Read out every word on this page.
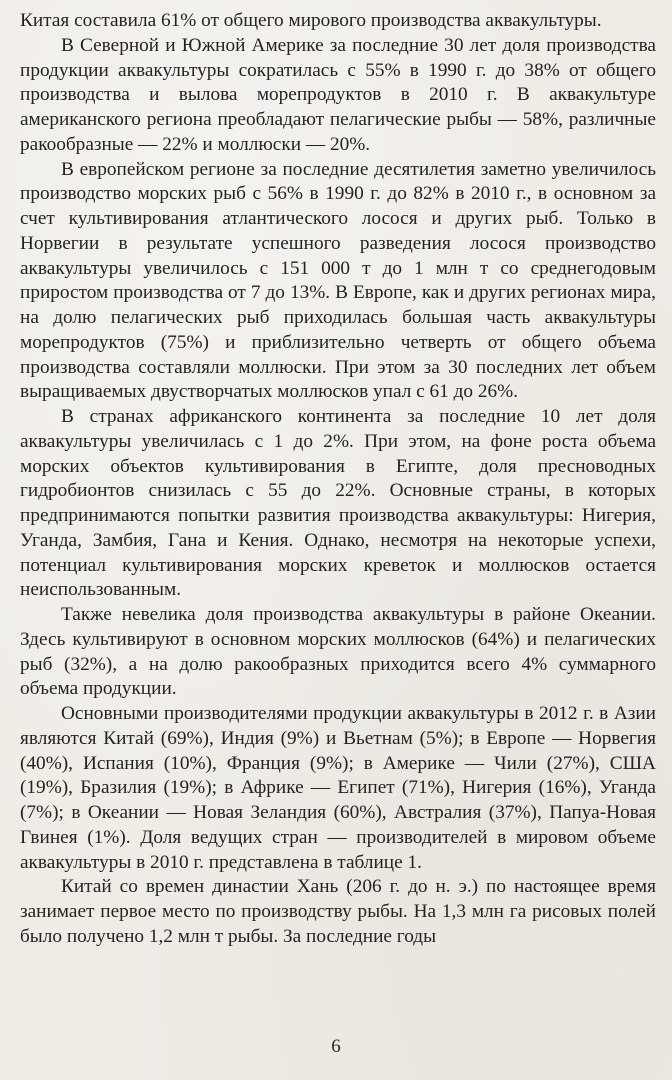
Китая составила 61% от общего мирового производства аквакультуры.

В Северной и Южной Америке за последние 30 лет доля производства продукции аквакультуры сократилась с 55% в 1990 г. до 38% от общего производства и вылова морепродуктов в 2010 г. В аквакультуре американского региона преобладают пелагические рыбы — 58%, различные ракообразные — 22% и моллюски — 20%.

В европейском регионе за последние десятилетия заметно увеличилось производство морских рыб с 56% в 1990 г. до 82% в 2010 г., в основном за счет культивирования атлантического лосося и других рыб. Только в Норвегии в результате успешного разведения лосося производство аквакультуры увеличилось с 151 000 т до 1 млн т со среднегодовым приростом производства от 7 до 13%. В Европе, как и других регионах мира, на долю пелагических рыб приходилась большая часть аквакультуры морепродуктов (75%) и приблизительно четверть от общего объема производства составляли моллюски. При этом за 30 последних лет объем выращиваемых двустворчатых моллюсков упал с 61 до 26%.

В странах африканского континента за последние 10 лет доля аквакультуры увеличилась с 1 до 2%. При этом, на фоне роста объема морских объектов культивирования в Египте, доля пресноводных гидробионтов снизилась с 55 до 22%. Основные страны, в которых предпринимаются попытки развития производства аквакультуры: Нигерия, Уганда, Замбия, Гана и Кения. Однако, несмотря на некоторые успехи, потенциал культивирования морских креветок и моллюсков остается неиспользованным.

Также невелика доля производства аквакультуры в районе Океании. Здесь культивируют в основном морских моллюсков (64%) и пелагических рыб (32%), а на долю ракообразных приходится всего 4% суммарного объема продукции.

Основными производителями продукции аквакультуры в 2012 г. в Азии являются Китай (69%), Индия (9%) и Вьетнам (5%); в Европе — Норвегия (40%), Испания (10%), Франция (9%); в Америке — Чили (27%), США (19%), Бразилия (19%); в Африке — Египет (71%), Нигерия (16%), Уганда (7%); в Океании — Новая Зеландия (60%), Австралия (37%), Папуа-Новая Гвинея (1%). Доля ведущих стран — производителей в мировом объеме аквакультуры в 2010 г. представлена в таблице 1.

Китай со времен династии Хань (206 г. до н. э.) по настоящее время занимает первое место по производству рыбы. На 1,3 млн га рисовых полей было получено 1,2 млн т рыбы. За последние годы

6
